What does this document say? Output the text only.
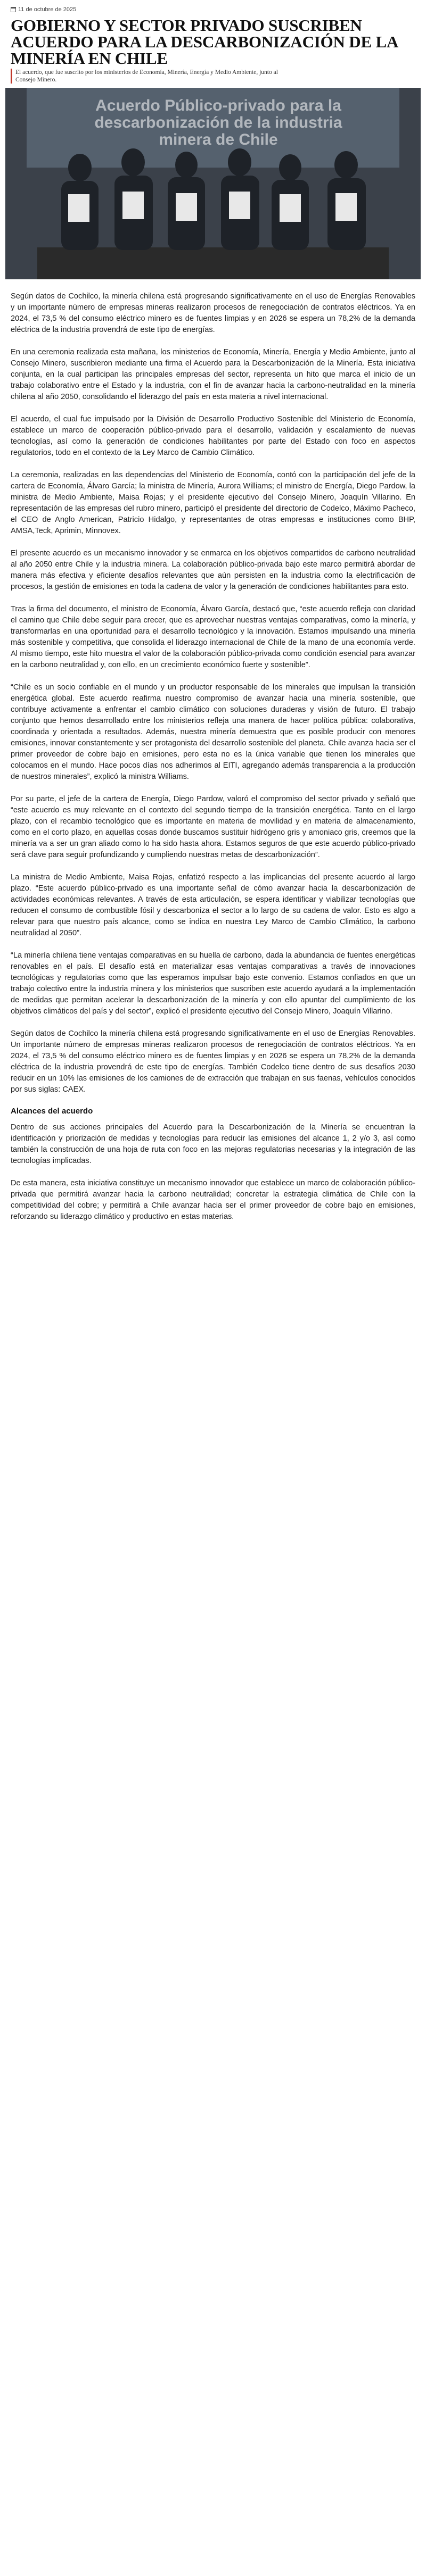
11 de octubre de 2025
GOBIERNO Y SECTOR PRIVADO SUSCRIBEN ACUERDO PARA LA DESCARBONIZACIÓN DE LA MINERÍA EN CHILE
El acuerdo, que fue suscrito por los ministerios de Economía, Minería, Energía y Medio Ambiente, junto al Consejo Minero.
Acuerdo Público-privado para la descarbonización de la industria minera de Chile

Según datos de Cochilco, la minería chilena está progresando significativamente en el uso de Energías Renovables y un importante número de empresas mineras realizaron procesos de renegociación de contratos eléctricos. Ya en 2024, el 73,5 % del consumo eléctrico minero es de fuentes limpias y en 2026 se espera un 78,2% de la demanda eléctrica de la industria provendrá de este tipo de energías.

En una ceremonia realizada esta mañana, los ministerios de Economía, Minería, Energía y Medio Ambiente, junto al Consejo Minero, suscribieron mediante una firma el Acuerdo para la Descarbonización de la Minería. Esta iniciativa conjunta, en la cual participan las principales empresas del sector, representa un hito que marca el inicio de un trabajo colaborativo entre el Estado y la industria, con el fin de avanzar hacia la carbono-neutralidad en la minería chilena al año 2050, consolidando el liderazgo del país en esta materia a nivel internacional.

El acuerdo, el cual fue impulsado por la División de Desarrollo Productivo Sostenible del Ministerio de Economía, establece un marco de cooperación público-privado para el desarrollo, validación y escalamiento de nuevas tecnologías, así como la generación de condiciones habilitantes por parte del Estado con foco en aspectos regulatorios, todo en el contexto de la Ley Marco de Cambio Climático.

La ceremonia, realizadas en las dependencias del Ministerio de Economía, contó con la participación del jefe de la cartera de Economía, Álvaro García; la ministra de Minería, Aurora Williams; el ministro de Energía, Diego Pardow, la ministra de Medio Ambiente, Maisa Rojas; y el presidente ejecutivo del Consejo Minero, Joaquín Villarino. En representación de las empresas del rubro minero, participó el presidente del directorio de Codelco, Máximo Pacheco, el CEO de Anglo American, Patricio Hidalgo, y representantes de otras empresas e instituciones como BHP, AMSA,Teck, Aprimin, Minnovex.

El presente acuerdo es un mecanismo innovador y se enmarca en los objetivos compartidos de carbono neutralidad al año 2050 entre Chile y la industria minera. La colaboración público-privada bajo este marco permitirá abordar de manera más efectiva y eficiente desafíos relevantes que aún persisten en la industria como la electrificación de procesos, la gestión de emisiones en toda la cadena de valor y la generación de condiciones habilitantes para esto.

Tras la firma del documento, el ministro de Economía, Álvaro García, destacó que, “este acuerdo refleja con claridad el camino que Chile debe seguir para crecer, que es aprovechar nuestras ventajas comparativas, como la minería, y transformarlas en una oportunidad para el desarrollo tecnológico y la innovación. Estamos impulsando una minería más sostenible y competitiva, que consolida el liderazgo internacional de Chile de la mano de una economía verde. Al mismo tiempo, este hito muestra el valor de la colaboración público-privada como condición esencial para avanzar en la carbono neutralidad y, con ello, en un crecimiento económico fuerte y sostenible”.

“Chile es un socio confiable en el mundo y un productor responsable de los minerales que impulsan la transición energética global. Este acuerdo reafirma nuestro compromiso de avanzar hacia una minería sostenible, que contribuye activamente a enfrentar el cambio climático con soluciones duraderas y visión de futuro. El trabajo conjunto que hemos desarrollado entre los ministerios refleja una manera de hacer política pública: colaborativa, coordinada y orientada a resultados. Además, nuestra minería demuestra que es posible producir con menores emisiones, innovar constantemente y ser protagonista del desarrollo sostenible del planeta. Chile avanza hacia ser el primer proveedor de cobre bajo en emisiones, pero esta no es la única variable que tienen los minerales que colocamos en el mundo. Hace pocos días nos adherimos al EITI, agregando además transparencia a la producción de nuestros minerales”, explicó la ministra Williams.

Por su parte, el jefe de la cartera de Energía, Diego Pardow, valoró el compromiso del sector privado y señaló que “este acuerdo es muy relevante en el contexto del segundo tiempo de la transición energética. Tanto en el largo plazo, con el recambio tecnológico que es importante en materia de movilidad y en materia de almacenamiento, como en el corto plazo, en aquellas cosas donde buscamos sustituir hidrógeno gris y amoniaco gris, creemos que la minería va a ser un gran aliado como lo ha sido hasta ahora. Estamos seguros de que este acuerdo público-privado será clave para seguir profundizando y cumpliendo nuestras metas de descarbonización”.

La ministra de Medio Ambiente, Maisa Rojas, enfatizó respecto a las implicancias del presente acuerdo al largo plazo. “Este acuerdo público-privado es una importante señal de cómo avanzar hacia la descarbonización de actividades económicas relevantes. A través de esta articulación, se espera identificar y viabilizar tecnologías que reducen el consumo de combustible fósil y descarboniza el sector a lo largo de su cadena de valor. Esto es algo a relevar para que nuestro país alcance, como se indica en nuestra Ley Marco de Cambio Climático, la carbono neutralidad al 2050”.

“La minería chilena tiene ventajas comparativas en su huella de carbono, dada la abundancia de fuentes energéticas renovables en el país. El desafío está en materializar esas ventajas comparativas a través de innovaciones tecnológicas y regulatorias como que las esperamos impulsar bajo este convenio. Estamos confiados en que un trabajo colectivo entre la industria minera y los ministerios que suscriben este acuerdo ayudará a la implementación de medidas que permitan acelerar la descarbonización de la minería y con ello apuntar del cumplimiento de los objetivos climáticos del país y del sector”, explicó el presidente ejecutivo del Consejo Minero, Joaquín Villarino.

Según datos de Cochilco la minería chilena está progresando significativamente en el uso de Energías Renovables. Un importante número de empresas mineras realizaron procesos de renegociación de contratos eléctricos. Ya en 2024, el 73,5 % del consumo eléctrico minero es de fuentes limpias y en 2026 se espera un 78,2% de la demanda eléctrica de la industria provendrá de este tipo de energías. También Codelco tiene dentro de sus desafíos 2030 reducir en un 10% las emisiones de los camiones de de extracción que trabajan en sus faenas, vehículos conocidos por sus siglas: CAEX.

Alcances del acuerdo

Dentro de sus acciones principales del Acuerdo para la Descarbonización de la Minería se encuentran la identificación y priorización de medidas y tecnologías para reducir las emisiones del alcance 1, 2 y/o 3, así como también la construcción de una hoja de ruta con foco en las mejoras regulatorias necesarias y la integración de las tecnologías implicadas.

De esta manera, esta iniciativa constituye un mecanismo innovador que establece un marco de colaboración público-privada que permitirá avanzar hacia la carbono neutralidad; concretar la estrategia climática de Chile con la competitividad del cobre; y permitirá a Chile avanzar hacia ser el primer proveedor de cobre bajo en emisiones, reforzando su liderazgo climático y productivo en estas materias.
